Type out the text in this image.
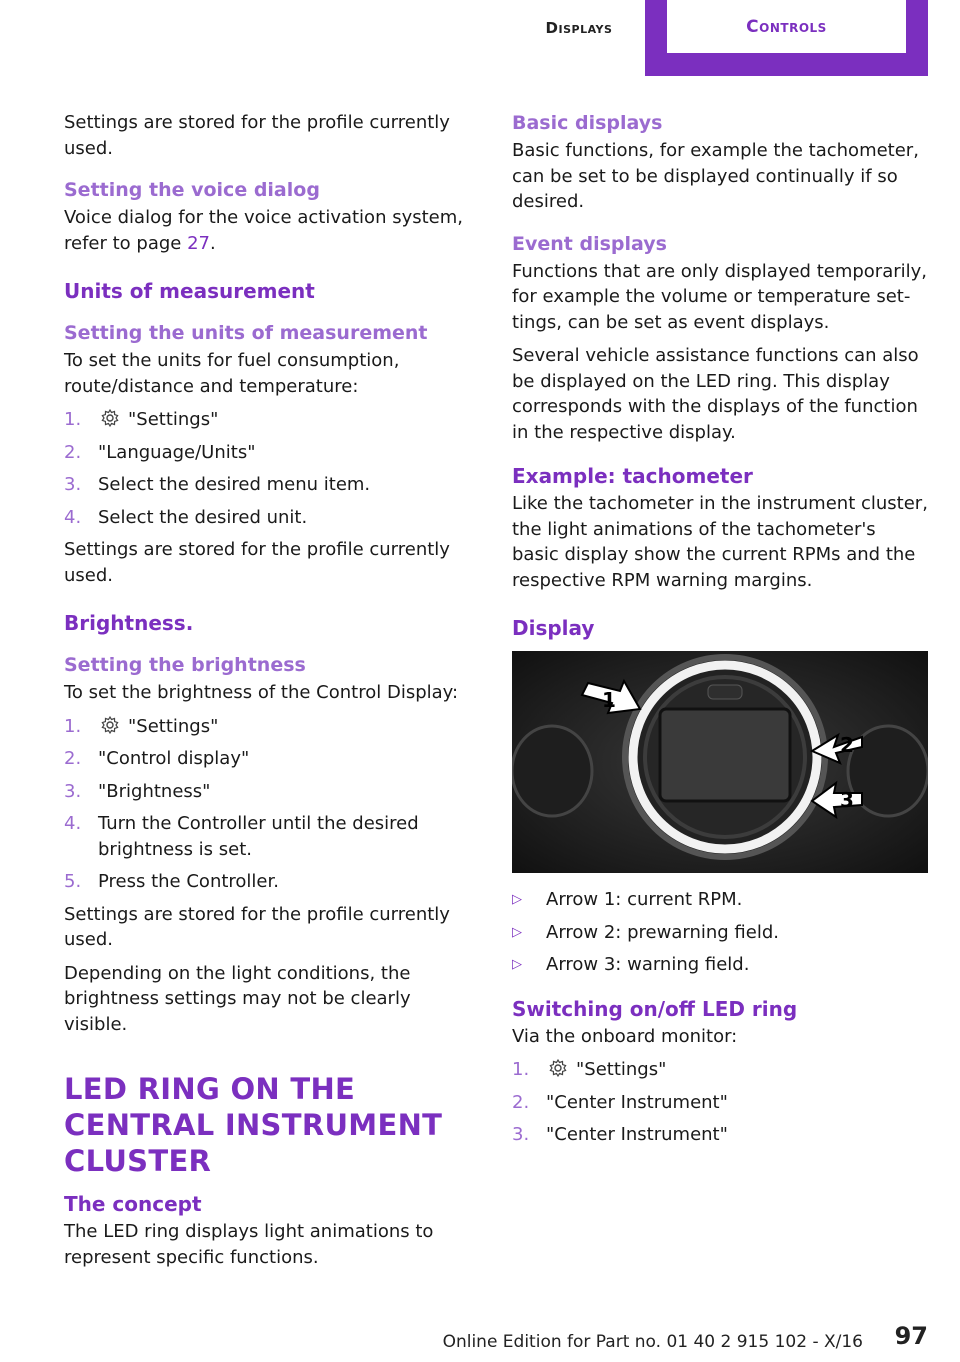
Displays	Controls

Settings are stored for the profile currently used.

Setting the voice dialog

Voice dialog for the voice activation system, refer to page 27.

Units of measurement
Setting the units of measurement

To set the units for fuel consumption, route/distance and temperature:

1.	"Settings"
2. "Language/Units"
3. Select the desired menu item.
4. Select the desired unit.

Settings are stored for the profile currently used.

Brightness.
Setting the brightness

To set the brightness of the Control Display:

1.	"Settings"
2. "Control display"
3. "Brightness"
4. Turn the Controller until the desired brightness is set.
5. Press the Controller.

Settings are stored for the profile currently used.

Depending on the light conditions, the brightness settings may not be clearly visible.

LED RING ON THE CENTRAL INSTRUMENT CLUSTER
The concept

The LED ring displays light animations to represent specific functions.

Basic displays

Basic functions, for example the tachometer, can be set to be displayed continually if so desired.

Event displays

Functions that are only displayed temporarily, for example the volume or temperature settings, can be set as event displays.

Several vehicle assistance functions can also be displayed on the LED ring. This display corresponds with the displays of the function in the respective display.

Example: tachometer

Like the tachometer in the instrument cluster, the light animations of the tachometer's basic display show the current RPMs and the respective RPM warning margins.

Display
1
2
3
▷	Arrow 1: current RPM.
▷	Arrow 2: prewarning field.
▷	Arrow 3: warning field.
Switching on/off LED ring

Via the onboard monitor:

1.	"Settings"
2. "Center Instrument"
3. "Center Instrument"
Online Edition for Part no. 01 40 2 915 102 - X/16 97
